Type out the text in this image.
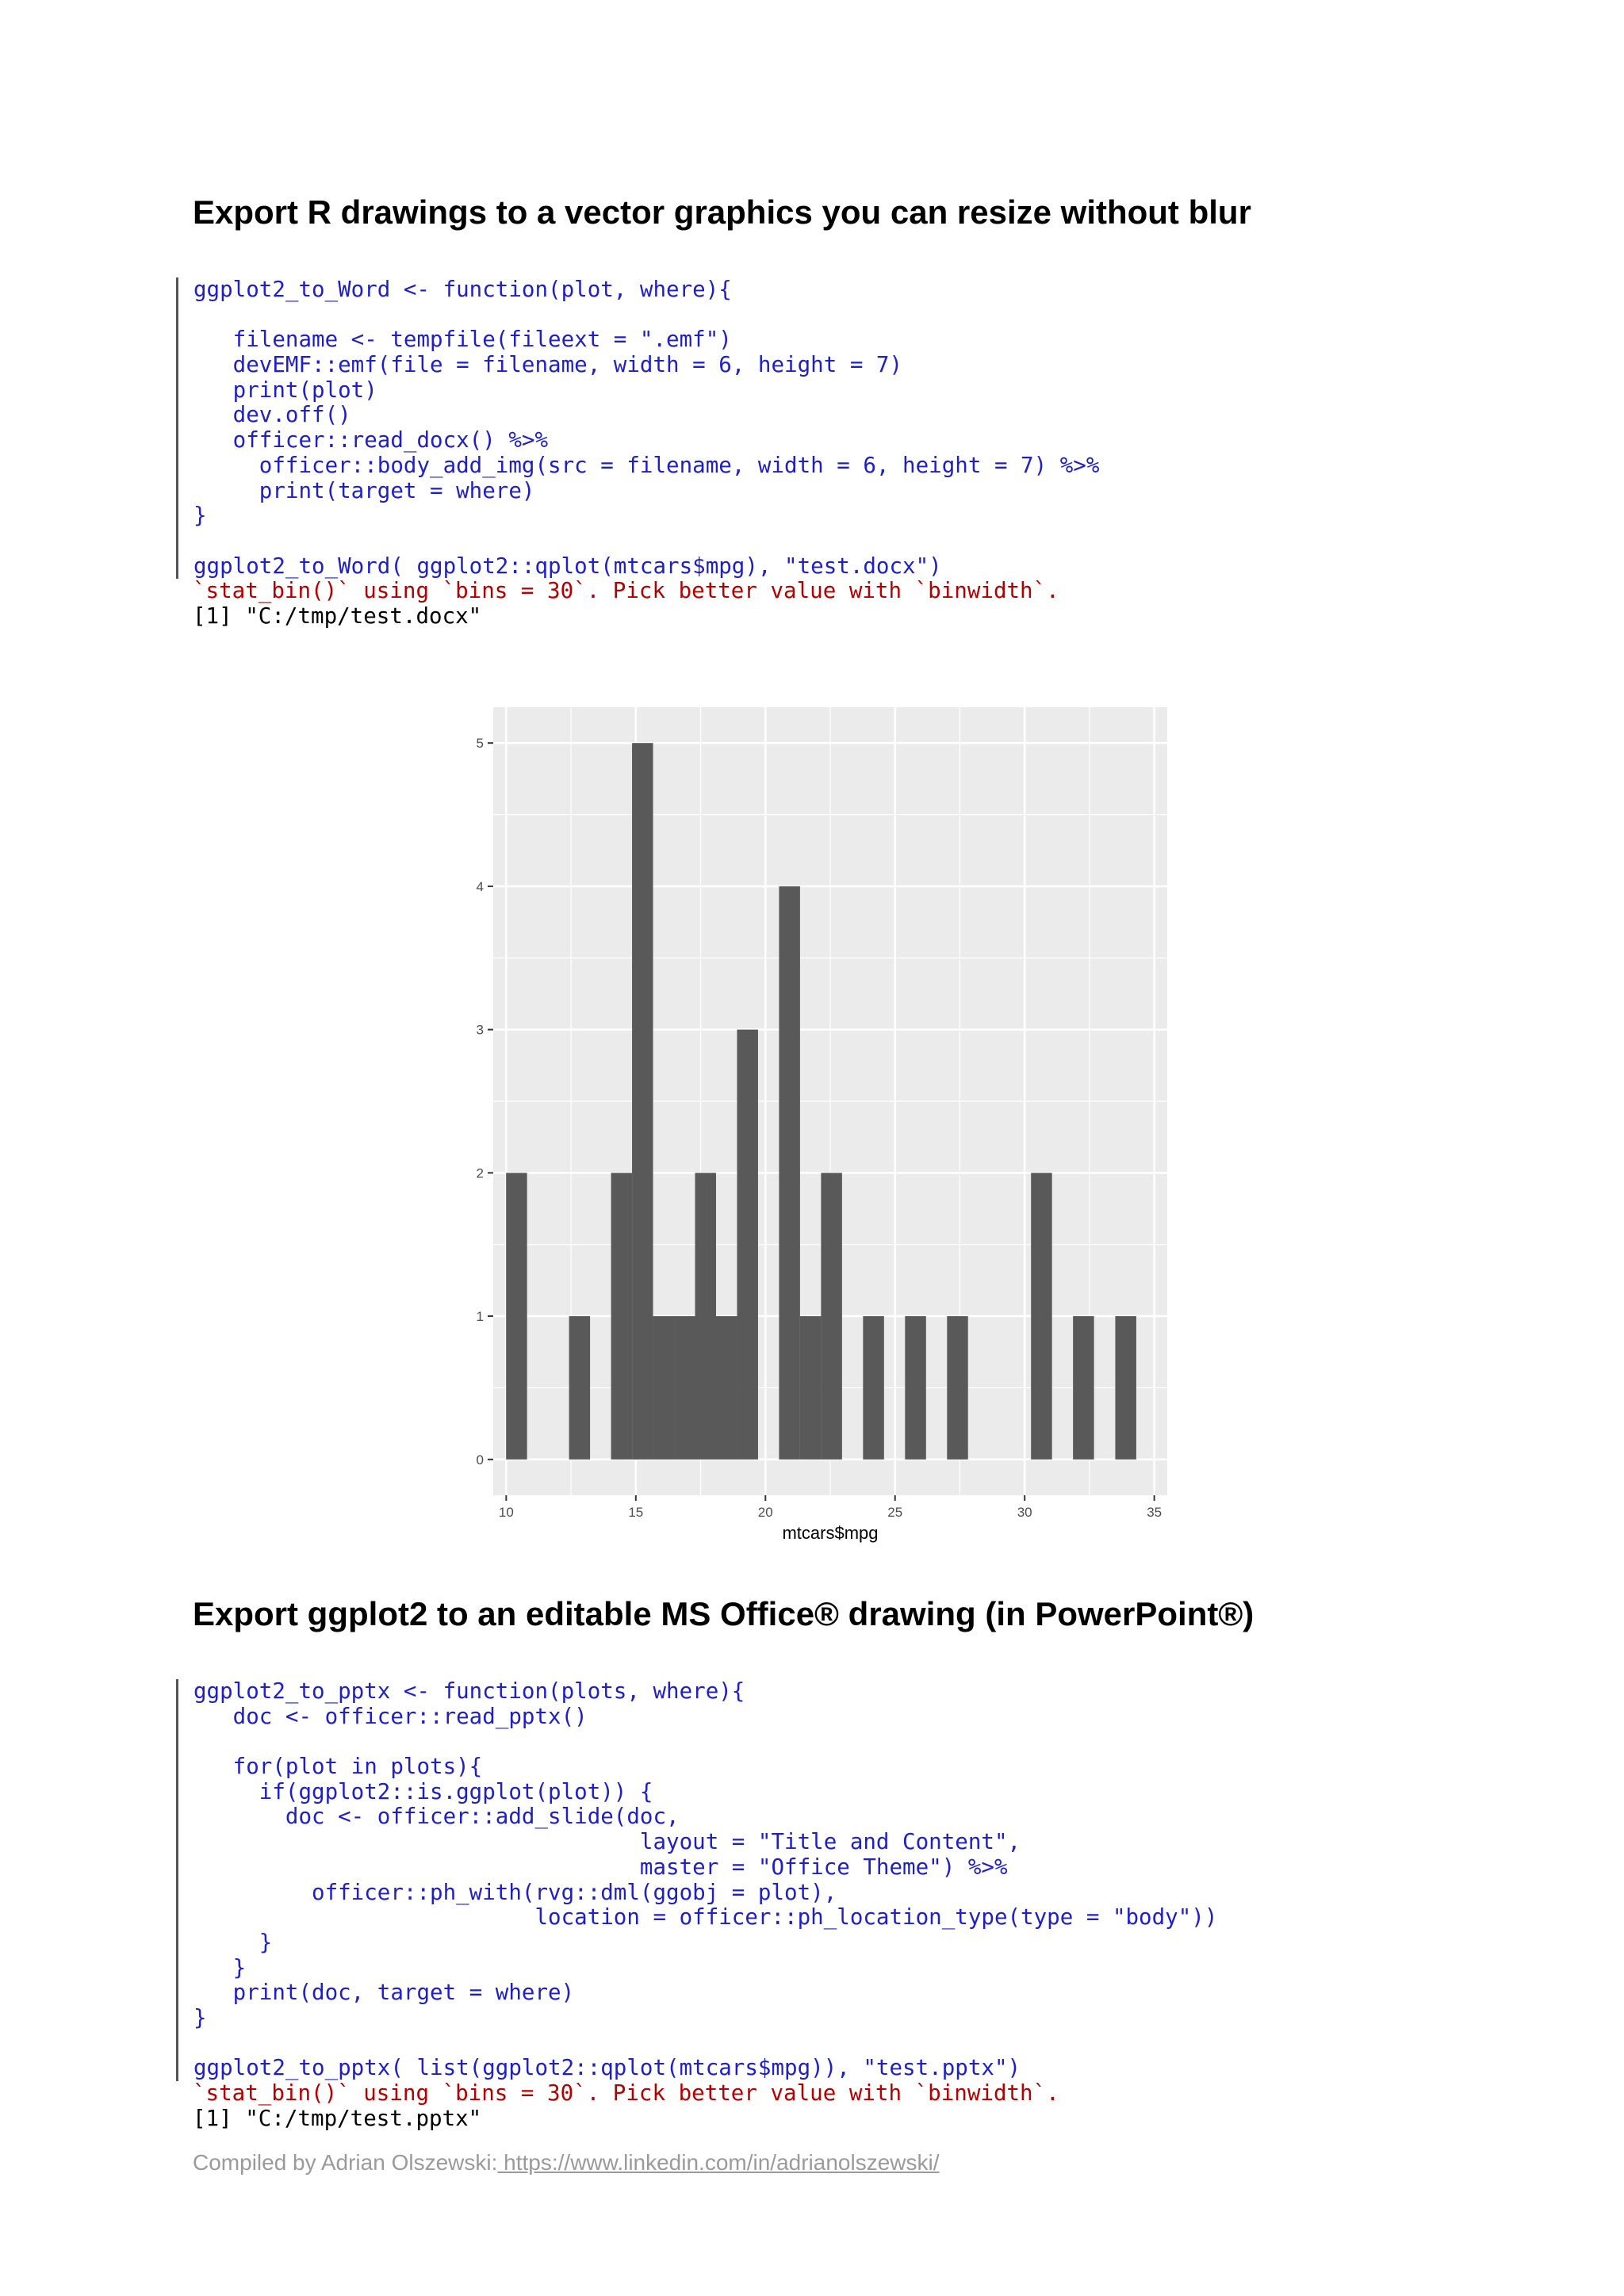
Export R drawings to a vector graphics you can resize without blur
ggplot2_to_Word <- function(plot, where){
filename <- tempfile(fileext = ".emf")
devEMF::emf(file = filename, width = 6, height = 7)
print(plot)
dev.off()
officer::read_docx() %>%
officer::body_add_img(src = filename, width = 6, height = 7) %>%
print(target = where)
}
ggplot2_to_Word( ggplot2::qplot(mtcars$mpg), "test.docx")
`stat_bin()` using `bins = 30`. Pick better value with `binwidth`.
[1] "C:/tmp/test.docx"
0
1
2
3
4
5
10	15	20	25	30	35
mtcars$mpg
Export ggplot2 to an editable MS Office® drawing (in PowerPoint®)
ggplot2_to_pptx <- function(plots, where){
doc <- officer::read_pptx()
for(plot in plots){
if(ggplot2::is.ggplot(plot)) {
doc <- officer::add_slide(doc,
layout = "Title and Content",
master = "Office Theme") %>%
officer::ph_with(rvg::dml(ggobj = plot),
location = officer::ph_location_type(type = "body"))
}
}
print(doc, target = where)
}
ggplot2_to_pptx( list(ggplot2::qplot(mtcars$mpg)), "test.pptx")
`stat_bin()` using `bins = 30`. Pick better value with `binwidth`.
[1] "C:/tmp/test.pptx"
Compiled by Adrian Olszewski: https://www.linkedin.com/in/adrianolszewski/
